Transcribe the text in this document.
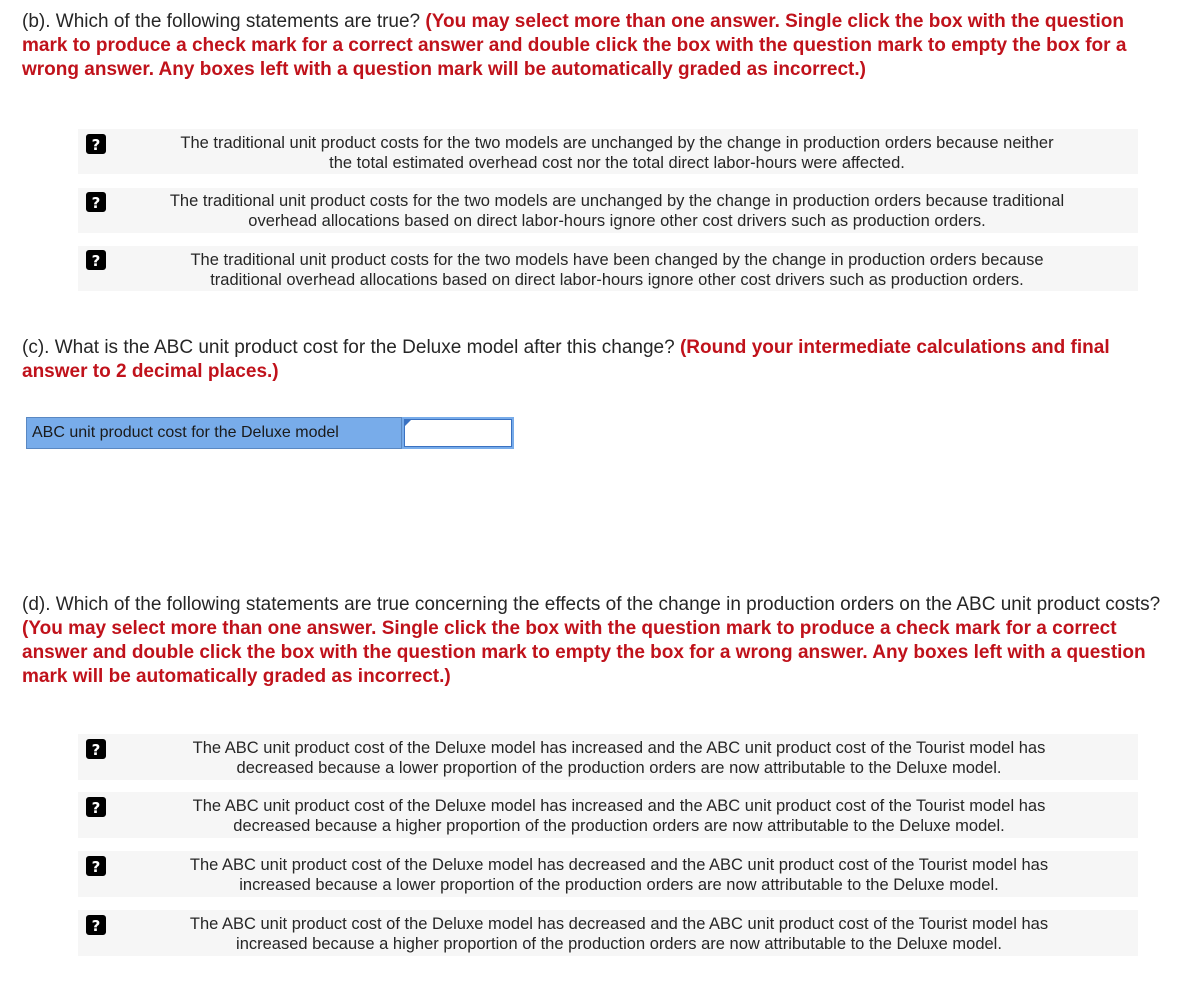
(b). Which of the following statements are true? (You may select more than one answer. Single click the box with the question mark to produce a check mark for a correct answer and double click the box with the question mark to empty the box for a wrong answer. Any boxes left with a question mark will be automatically graded as incorrect.)
?	The traditional unit product costs for the two models are unchanged by the change in production orders because neither
the total estimated overhead cost nor the total direct labor-hours were affected.
?	The traditional unit product costs for the two models are unchanged by the change in production orders because traditional
overhead allocations based on direct labor-hours ignore other cost drivers such as production orders.
?	The traditional unit product costs for the two models have been changed by the change in production orders because
traditional overhead allocations based on direct labor-hours ignore other cost drivers such as production orders.
(c). What is the ABC unit product cost for the Deluxe model after this change? (Round your intermediate calculations and final answer to 2 decimal places.)
ABC unit product cost for the Deluxe model
(d). Which of the following statements are true concerning the effects of the change in production orders on the ABC unit product costs? (You may select more than one answer. Single click the box with the question mark to produce a check mark for a correct answer and double click the box with the question mark to empty the box for a wrong answer. Any boxes left with a question mark will be automatically graded as incorrect.)
?	The ABC unit product cost of the Deluxe model has increased and the ABC unit product cost of the Tourist model has
decreased because a lower proportion of the production orders are now attributable to the Deluxe model.
?	The ABC unit product cost of the Deluxe model has increased and the ABC unit product cost of the Tourist model has
decreased because a higher proportion of the production orders are now attributable to the Deluxe model.
?	The ABC unit product cost of the Deluxe model has decreased and the ABC unit product cost of the Tourist model has
increased because a lower proportion of the production orders are now attributable to the Deluxe model.
?	The ABC unit product cost of the Deluxe model has decreased and the ABC unit product cost of the Tourist model has
increased because a higher proportion of the production orders are now attributable to the Deluxe model.
